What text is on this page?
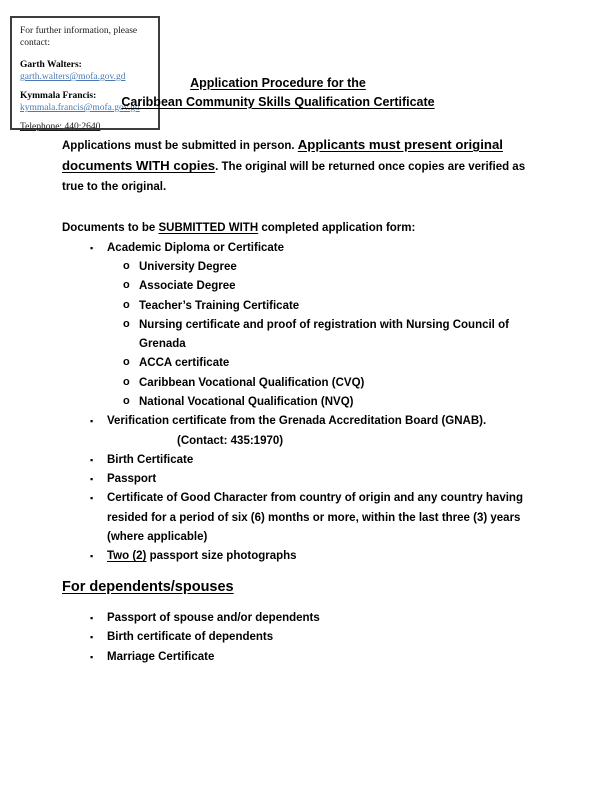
For further information, please contact:

Garth Walters:
garth.walters@mofa.gov.gd

Kymmala Francis:
kymmala.francis@mofa.gov.gd

Telephone: 440:2640

Application Procedure for the
Caribbean Community Skills Qualification Certificate

Applications must be submitted in person. Applicants must present original documents WITH copies. The original will be returned once copies are verified as true to the original.

Documents to be SUBMITTED WITH completed application form:

▪ Academic Diploma or Certificate
o University Degree
o Associate Degree
o Teacher’s Training Certificate
o Nursing certificate and proof of registration with Nursing Council of Grenada
o ACCA certificate
o Caribbean Vocational Qualification (CVQ)
o National Vocational Qualification (NVQ)
▪ Verification certificate from the Grenada Accreditation Board (GNAB).
(Contact: 435:1970)
▪ Birth Certificate
▪ Passport
▪ Certificate of Good Character from country of origin and any country having resided for a period of six (6) months or more, within the last three (3) years (where applicable)
▪ Two (2) passport size photographs
For dependents/spouses
▪ Passport of spouse and/or dependents
▪ Birth certificate of dependents
▪ Marriage Certificate
